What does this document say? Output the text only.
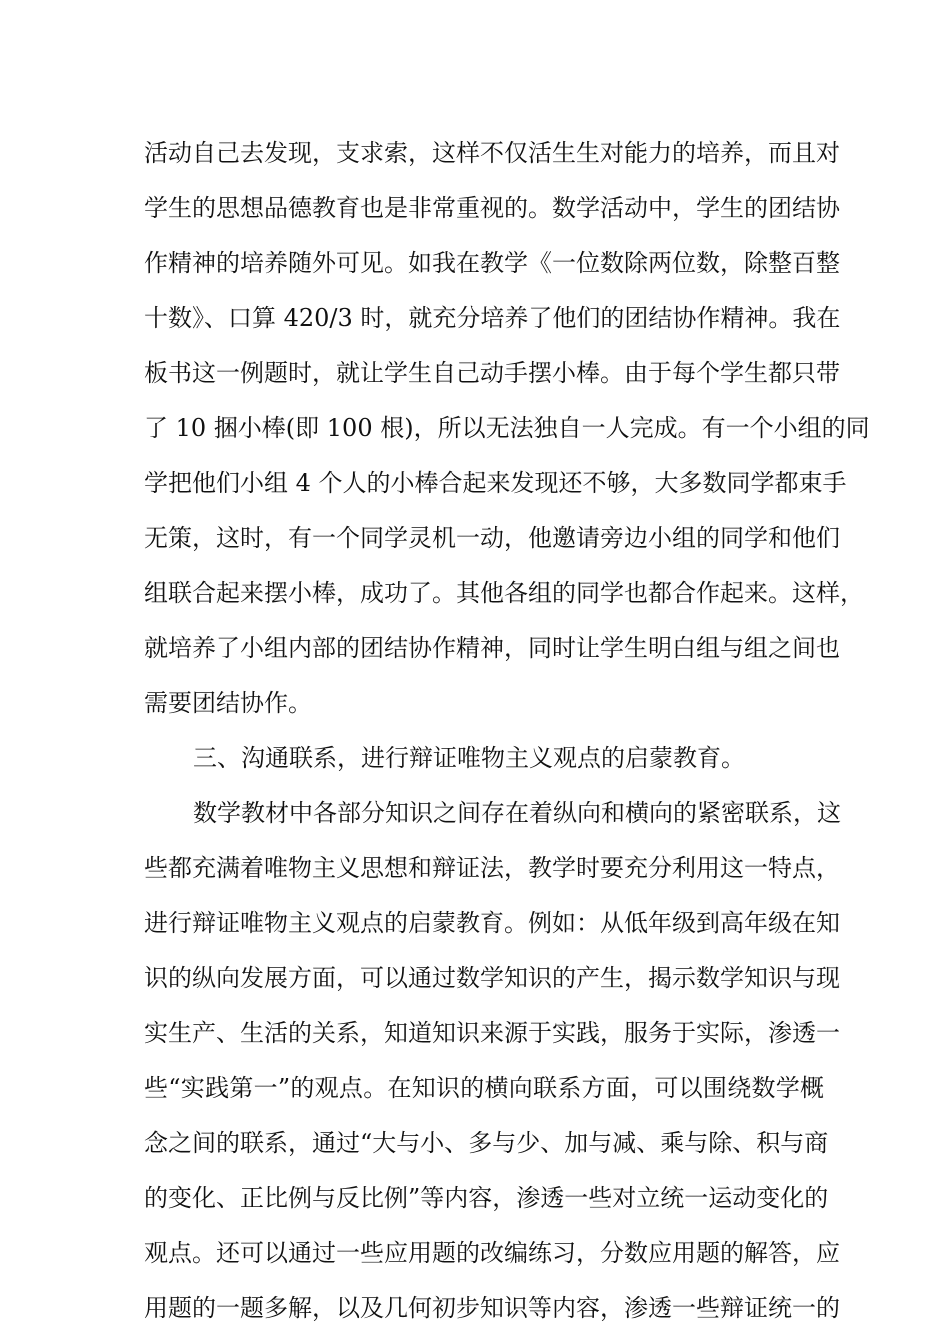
活动自己去发现，支求索，这样不仅活生生对能力的培养，而且对
学生的思想品德教育也是非常重视的。数学活动中，学生的团结协
作精神的培养随外可见。如我在教学《一位数除两位数，除整百整
十数》、口算 420/3 时，就充分培养了他们的团结协作精神。我在
板书这一例题时，就让学生自己动手摆小棒。由于每个学生都只带
了 10 捆小棒(即 100 根)，所以无法独自一人完成。有一个小组的同
学把他们小组 4 个人的小棒合起来发现还不够，大多数同学都束手
无策，这时，有一个同学灵机一动，他邀请旁边小组的同学和他们
组联合起来摆小棒，成功了。其他各组的同学也都合作起来。这样，
就培养了小组内部的团结协作精神，同时让学生明白组与组之间也
需要团结协作。
三、沟通联系，进行辩证唯物主义观点的启蒙教育。
数学教材中各部分知识之间存在着纵向和横向的紧密联系，这
些都充满着唯物主义思想和辩证法，教学时要充分利用这一特点，
进行辩证唯物主义观点的启蒙教育。例如：从低年级到高年级在知
识的纵向发展方面，可以通过数学知识的产生，揭示数学知识与现
实生产、生活的关系，知道知识来源于实践，服务于实际，渗透一
些“实践第一”的观点。在知识的横向联系方面，可以围绕数学概
念之间的联系，通过“大与小、多与少、加与减、乘与除、积与商
的变化、正比例与反比例”等内容，渗透一些对立统一运动变化的
观点。还可以通过一些应用题的改编练习，分数应用题的解答，应
用题的一题多解，以及几何初步知识等内容，渗透一些辩证统一的
